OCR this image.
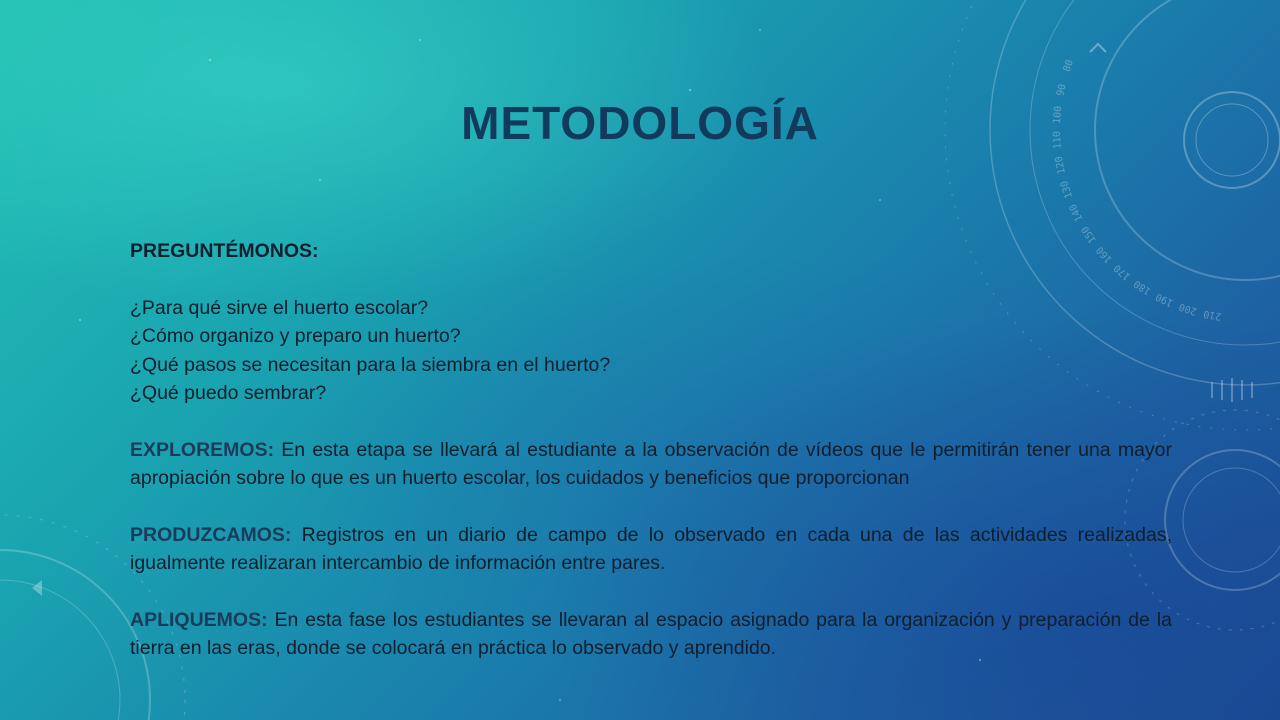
210
200
190
180
170
160
150
140
130
120
110
100
90
80
METODOLOGÍA

PREGUNTÉMONOS:

¿Para qué sirve el huerto escolar?

¿Cómo organizo y preparo un huerto?

¿Qué pasos se necesitan para la siembra en el huerto?

¿Qué puedo sembrar?

EXPLOREMOS: En esta etapa se llevará al estudiante a la observación de vídeos que le permitirán tener una mayor apropiación sobre lo que es un huerto escolar, los cuidados y beneficios que proporcionan

PRODUZCAMOS: Registros en un diario de campo de lo observado en cada una de las actividades realizadas, igualmente realizaran intercambio de información entre pares.

APLIQUEMOS: En esta fase los estudiantes se llevaran al espacio asignado para la organización y preparación de la tierra en las eras, donde se colocará en práctica lo observado y aprendido.
